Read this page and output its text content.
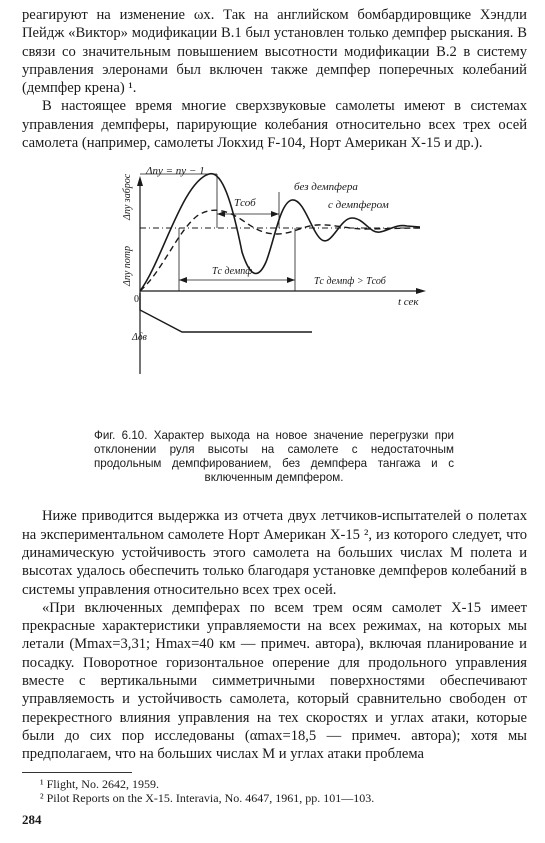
реагируют на изменение ωx. Так на английском бомбардировщике Хэндли Пейдж «Виктор» модификации B.1 был установлен только демпфер рыскания. В связи со значительным повышением высотности модификации B.2 в систему управления элеронами был включен также демпфер поперечных колебаний (демпфер крена) ¹.

В настоящее время многие сверхзвуковые самолеты имеют в системах управления демпферы, парирующие колебания относительно всех трех осей самолета (например, самолеты Локхид F-104, Норт Американ X-15 и др.).

Δny = ny − 1
Δny заброс
Δny потр
Tсоб
без демпфера
с демпфером
Tс демпф
Tс демпф > Tсоб
t сек
Δδв
0

Фиг. 6.10. Характер выхода на новое значение перегрузки при отклонении руля высоты на самолете с недостаточным продольным демпфированием, без демпфера тангажа и с включенным демпфером.

Ниже приводится выдержка из отчета двух летчиков-испытателей о полетах на экспериментальном самолете Норт Американ X-15 ², из которого следует, что динамическую устойчивость этого самолета на больших числах M полета и высотах удалось обеспечить только благодаря установке демпферов колебаний в системы управления относительно всех трех осей.

«При включенных демпферах по всем трем осям самолет X-15 имеет прекрасные характеристики управляемости на всех режимах, на которых мы летали (Mmax=3,31; Hmax=40 км — примеч. автора), включая планирование и посадку. Поворотное горизонтальное оперение для продольного управления вместе с вертикальными симметричными поверхностями обеспечивают управляемость и устойчивость самолета, который сравнительно свободен от перекрестного влияния управления на тех скоростях и углах атаки, которые были до сих пор исследованы (αmax=18,5 — примеч. автора); хотя мы предполагаем, что на больших числах M и углах атаки проблема

¹ Flight, No. 2642, 1959.

² Pilot Reports on the X-15. Interavia, No. 4647, 1961, pp. 101—103.

284
